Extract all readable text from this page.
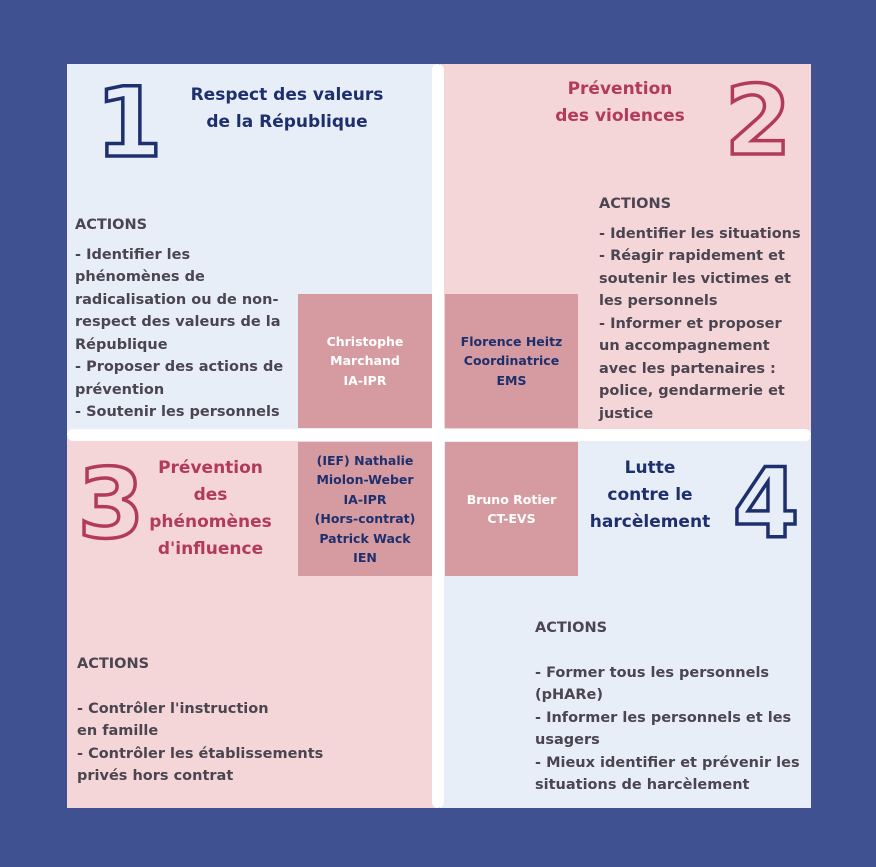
1	Respect des valeurs
de la République
ACTIONS
- Identifier les phénomènes de radicalisation ou de non-respect des valeurs de la République
- Proposer des actions de prévention
- Soutenir les personnels
Prévention
des violences 2
ACTIONS
- Identifier les situations
- Réagir rapidement et soutenir les victimes et les personnels
- Informer et proposer un accompagnement avec les partenaires : police, gendarmerie et justice
3 Prévention
des
phénomènes
d'influence
ACTIONS
- Contrôler l'instruction en famille
- Contrôler les établissements privés hors contrat
Lutte
contre le
harcèlement 4
ACTIONS
- Former tous les personnels (pHARe)
- Informer les personnels et les usagers
- Mieux identifier et prévenir les situations de harcèlement
Christophe
Marchand
IA-IPR
Florence Heitz
Coordinatrice
EMS
(IEF) Nathalie
Miolon-Weber
IA-IPR
(Hors-contrat)
Patrick Wack
IEN
Bruno Rotier
CT-EVS
